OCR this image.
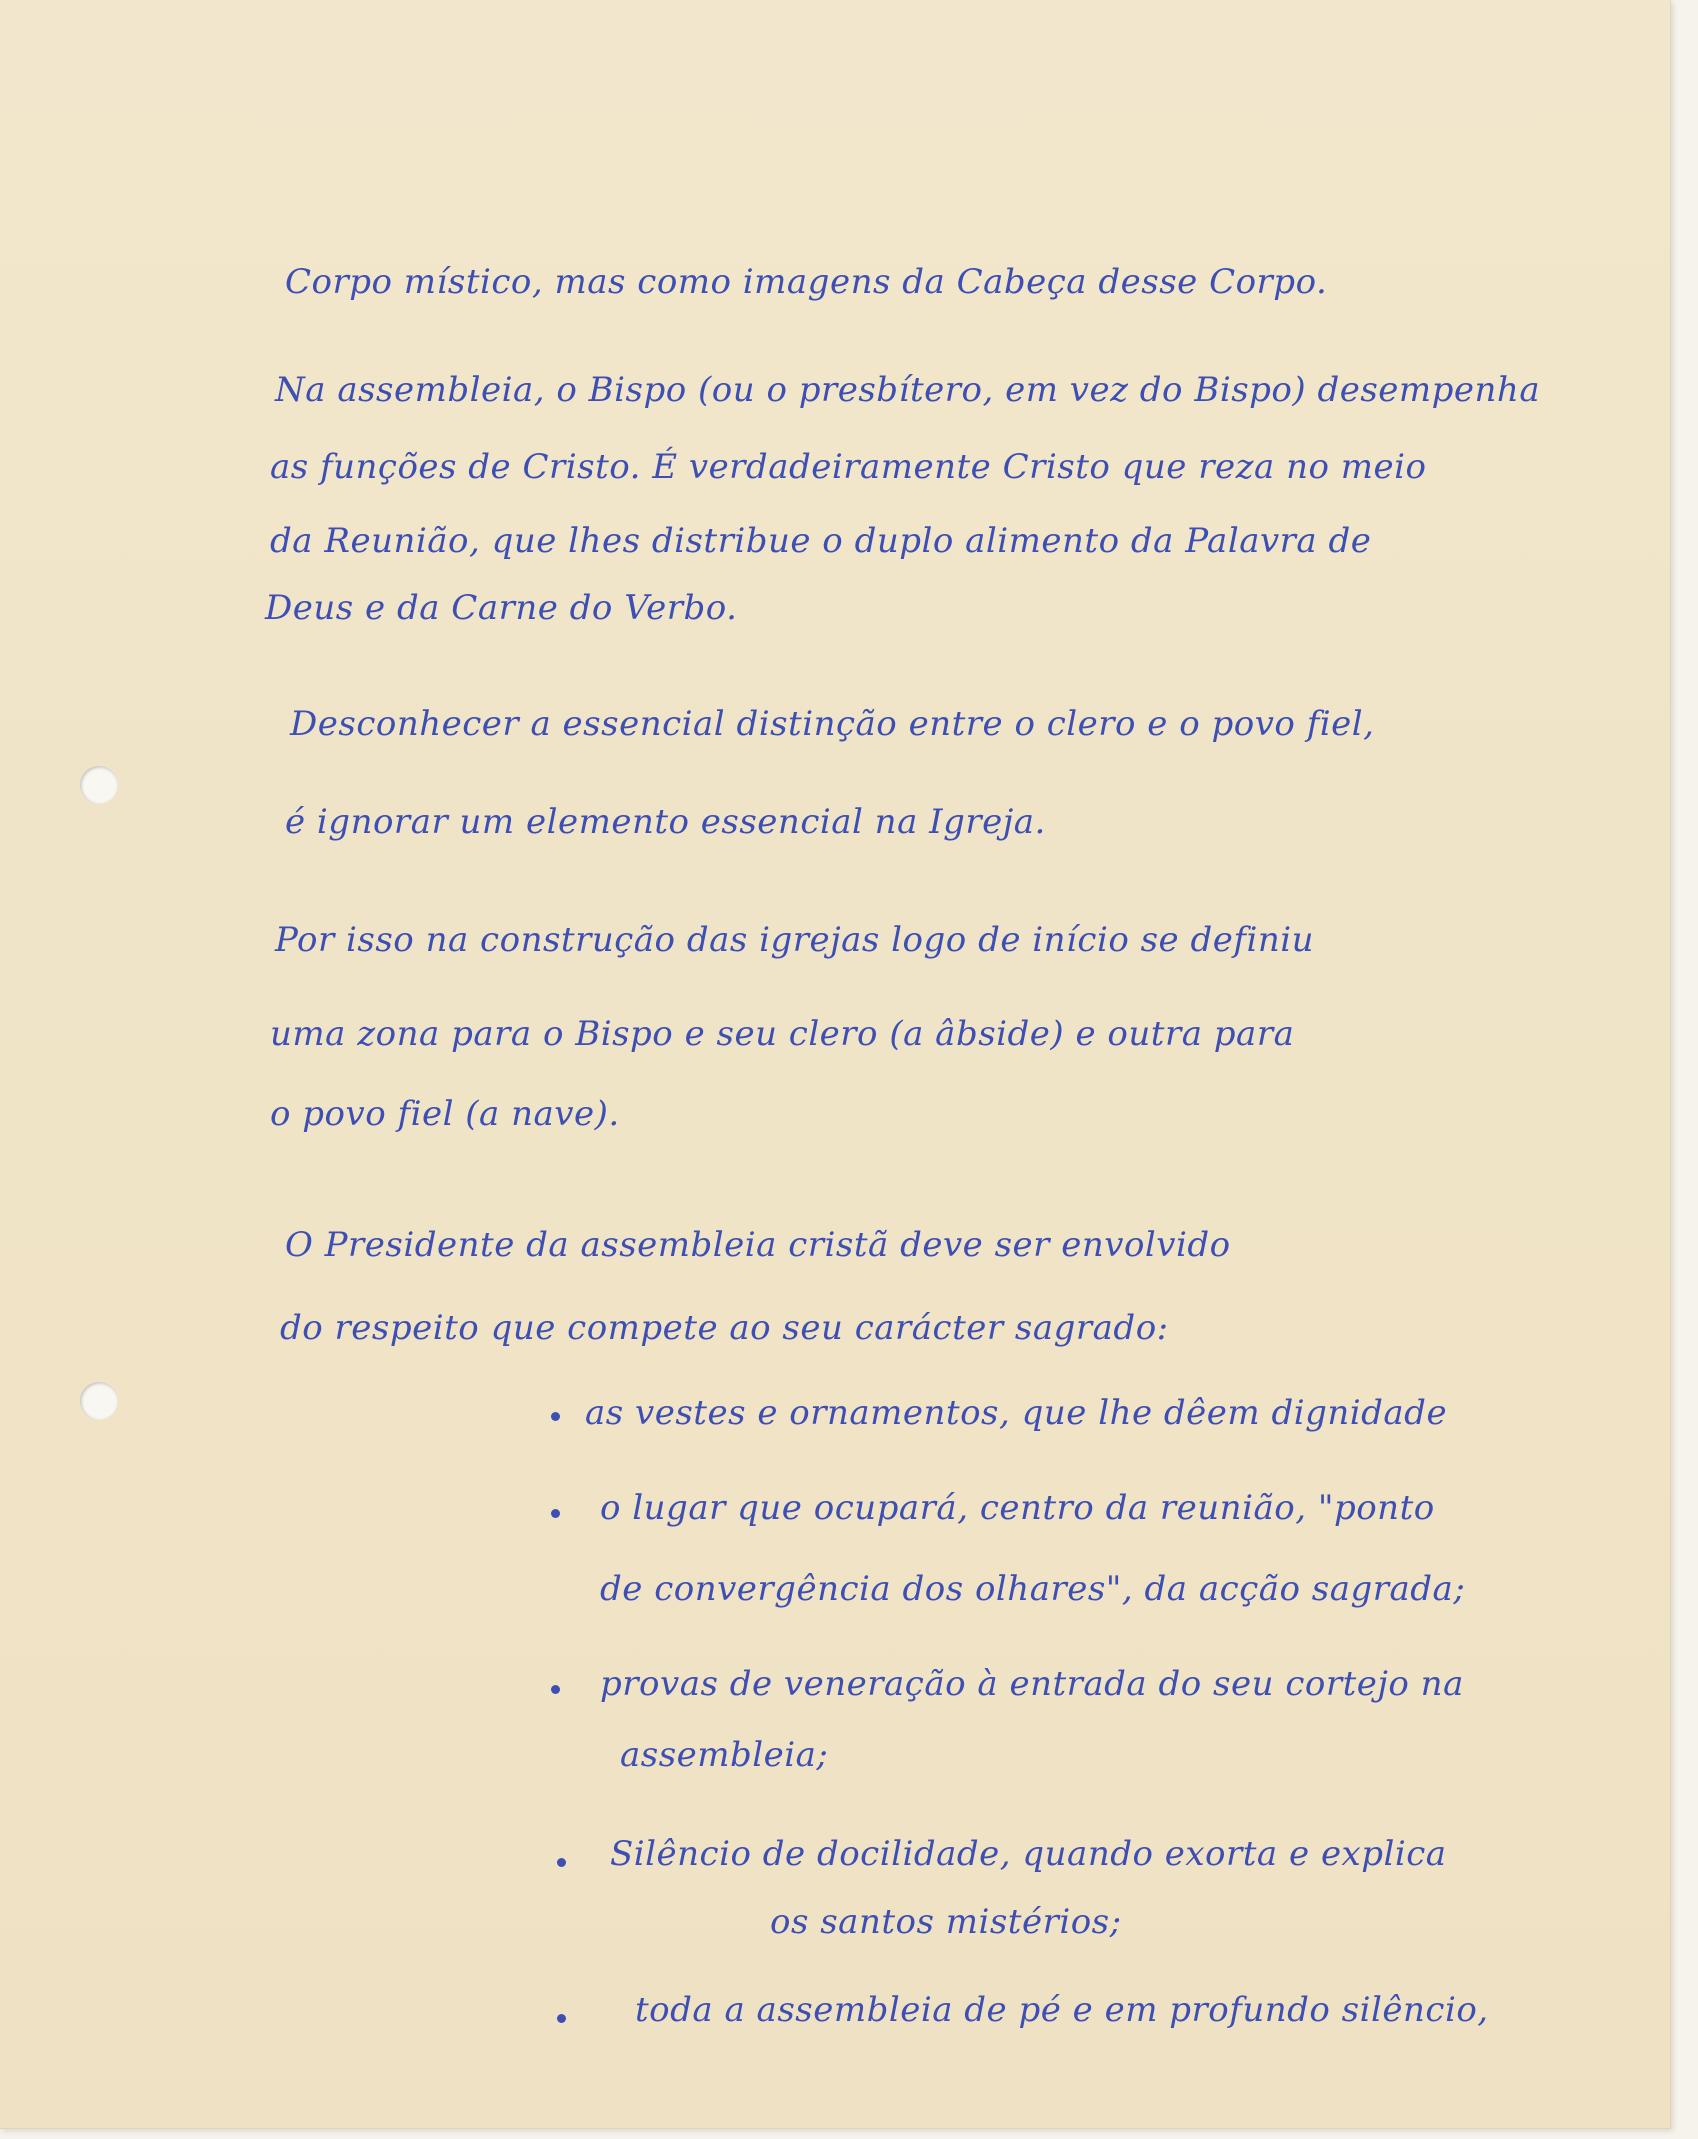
Corpo místico, mas como imagens da Cabeça desse Corpo.
Na assembleia, o Bispo (ou o presbítero, em vez do Bispo) desempenha
as funções de Cristo. É verdadeiramente Cristo que reza no meio
da Reunião, que lhes distribue o duplo alimento da Palavra de
Deus e da Carne do Verbo.
Desconhecer a essencial distinção entre o clero e o povo fiel,
é ignorar um elemento essencial na Igreja.
Por isso na construção das igrejas logo de início se definiu
uma zona para o Bispo e seu clero (a âbside) e outra para
o povo fiel (a nave).
O Presidente da assembleia cristã deve ser envolvido
do respeito que compete ao seu carácter sagrado:
as vestes e ornamentos, que lhe dêem dignidade
o lugar que ocupará, centro da reunião, "ponto
de convergência dos olhares", da acção sagrada;
provas de veneração à entrada do seu cortejo na
assembleia;
Silêncio de docilidade, quando exorta e explica
os santos mistérios;
toda a assembleia de pé e em profundo silêncio,
